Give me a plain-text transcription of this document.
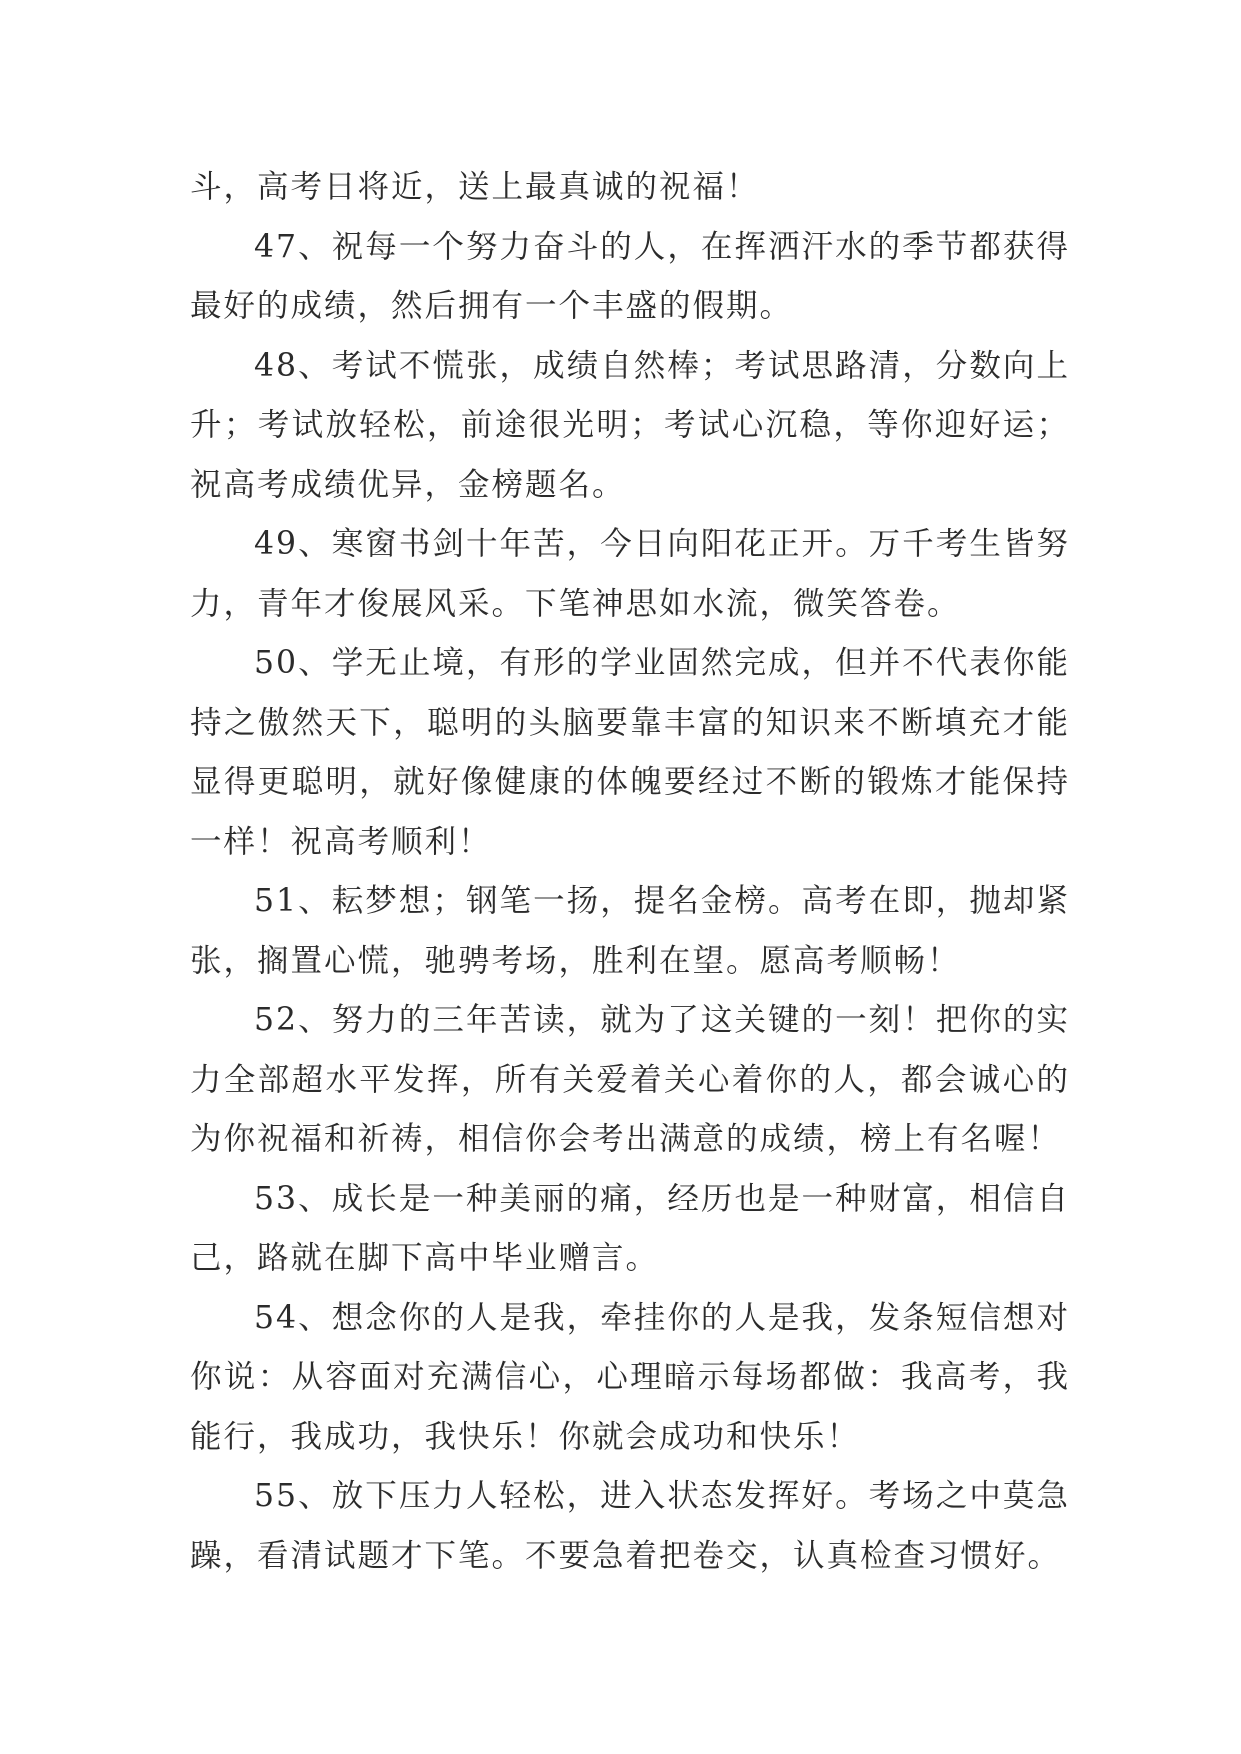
斗，高考日将近，送上最真诚的祝福！

47、祝每一个努力奋斗的人，在挥洒汗水的季节都获得最好的成绩，然后拥有一个丰盛的假期。

48、考试不慌张，成绩自然棒；考试思路清，分数向上升；考试放轻松，前途很光明；考试心沉稳，等你迎好运；祝高考成绩优异，金榜题名。

49、寒窗书剑十年苦，今日向阳花正开。万千考生皆努力，青年才俊展风采。下笔神思如水流，微笑答卷。

50、学无止境，有形的学业固然完成，但并不代表你能持之傲然天下，聪明的头脑要靠丰富的知识来不断填充才能显得更聪明，就好像健康的体魄要经过不断的锻炼才能保持一样！祝高考顺利！

51、耘梦想；钢笔一扬，提名金榜。高考在即，抛却紧张，搁置心慌，驰骋考场，胜利在望。愿高考顺畅！

52、努力的三年苦读，就为了这关键的一刻！把你的实力全部超水平发挥，所有关爱着关心着你的人，都会诚心的为你祝福和祈祷，相信你会考出满意的成绩，榜上有名喔！

53、成长是一种美丽的痛，经历也是一种财富，相信自己，路就在脚下高中毕业赠言。

54、想念你的人是我，牵挂你的人是我，发条短信想对你说：从容面对充满信心，心理暗示每场都做：我高考，我能行，我成功，我快乐！你就会成功和快乐！

55、放下压力人轻松，进入状态发挥好。考场之中莫急躁，看清试题才下笔。不要急着把卷交，认真检查习惯好。
